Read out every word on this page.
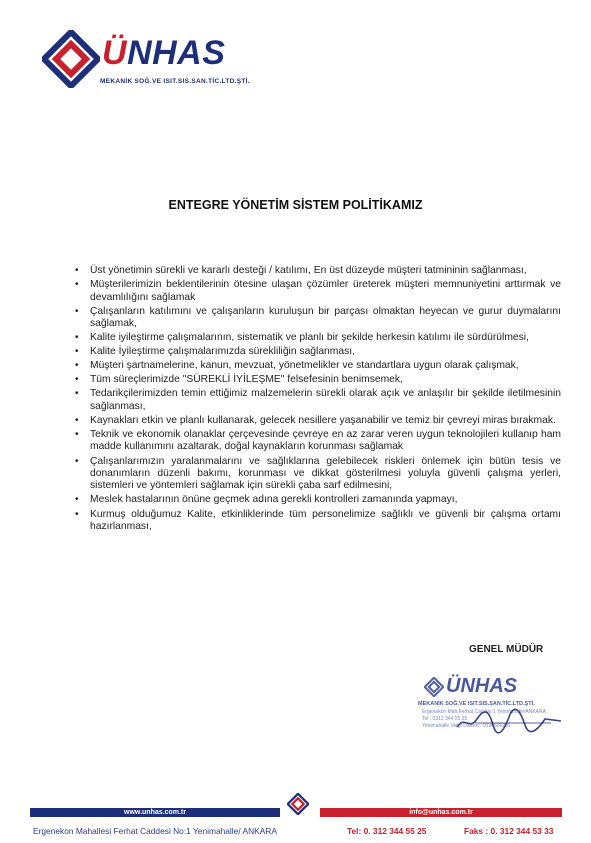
ÜNHAS
MEKANİK SOĞ.VE ISIT.SIS.SAN.TİC.LTD.ŞTİ.
ENTEGRE YÖNETİM SİSTEM POLİTİKAMIZ
• Üst yönetimin sürekli ve kararlı desteği / katılımı, En üst düzeyde müşteri tatmininin sağlanması,
• Müşterilerimizin beklentilerinin ötesine ulaşan çözümler üreterek müşteri memnuniyetini arttırmak ve devamlılığını sağlamak
• Çalışanların katılımını ve çalışanların kuruluşun bir parçası olmaktan heyecan ve gurur duymalarını sağlamak,
• Kalite iyileştirme çalışmalarının, sistematik ve planlı bir şekilde herkesin katılımı ile sürdürülmesi,
• Kalite İyileştirme çalışmalarımızda sürekliliğin sağlanması,
• Müşteri şartnamelerine, kanun, mevzuat, yönetmelikler ve standartlara uygun olarak çalışmak,
• Tüm süreçlerimizde "SÜREKLİ İYİLEŞME" felsefesinin benimsemek,
• Tedarikçilerimizden temin ettiğimiz malzemelerin sürekli olarak açık ve anlaşılır bir şekilde iletilmesinin sağlanması,
• Kaynakları etkin ve planlı kullanarak, gelecek nesillere yaşanabilir ve temiz bir çevreyi miras bırakmak.
• Teknik ve ekonomik olanaklar çerçevesinde çevreye en az zarar veren uygun teknolojileri kullanıp ham madde kullanımını azaltarak, doğal kaynakların korunması sağlamak
• Çalışanlarımızın yaralanmalarını ve sağlıklarına gelebilecek riskleri önlemek için bütün tesis ve donanımların düzenli bakımı, korunması ve dikkat gösterilmesi yoluyla güvenli çalışma yerleri, sistemleri ve yöntemleri sağlamak için sürekli çaba sarf edilmesini,
• Meslek hastalarının önüne geçmek adına gerekli kontrolleri zamanında yapmayı,
• Kurmuş olduğumuz Kalite, etkinliklerinde tüm personelimize sağlıklı ve güvenli bir çalışma ortamı hazırlanması,
GENEL MÜDÜR
ÜNHAS
MEKANİK SOĞ.VE ISIT.SIS.SAN.TİC.LTD.ŞTİ.
Ergenekon Mah.Ferhat Cad.No:1 Yenimahalle/ANKARA
Tel : 0312 344 55 25
Yenimahalle Vergi Dairesi : 9130586291
www.unhas.com.tr	info@unhas.com.tr
Ergenekon Mahallesi Ferhat Caddesi No:1 Yenimahalle/ ANKARA	Tel: 0. 312 344 55 25	Faks : 0. 312 344 53 33
